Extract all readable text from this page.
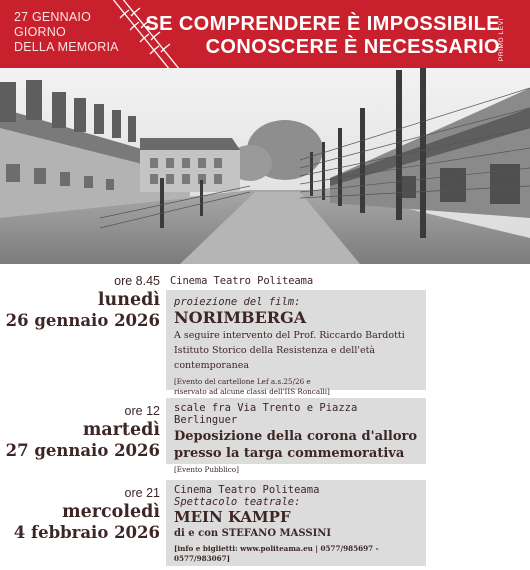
27 GENNAIO
GIORNO
DELLA MEMORIA
SE COMPRENDERE È IMPOSSIBILE
CONOSCERE È NECESSARIO
PRIMO LEVI
ore 8.45
lunedì
26 gennaio 2026
Cinema Teatro Politeama
proiezione del film:
NORIMBERGA
A seguire intervento del Prof. Riccardo Bardotti
Istituto Storico della Resistenza e dell'età
contemporanea
[Evento del cartellone Lef a.s.25/26 e
riservato ad alcune classi dell'IIS Roncalli]
ore 12
martedì
27 gennaio 2026
scale fra Via Trento e Piazza Berlinguer
Deposizione della corona d'alloro
presso la targa commemorativa
[Evento Pubblico]
ore 21
mercoledì
4 febbraio 2026
Cinema Teatro Politeama
Spettacolo teatrale:
MEIN KAMPF
di e con STEFANO MASSINI
[info e biglietti: www.politeama.eu | 0577/985697 - 0577/983067]
